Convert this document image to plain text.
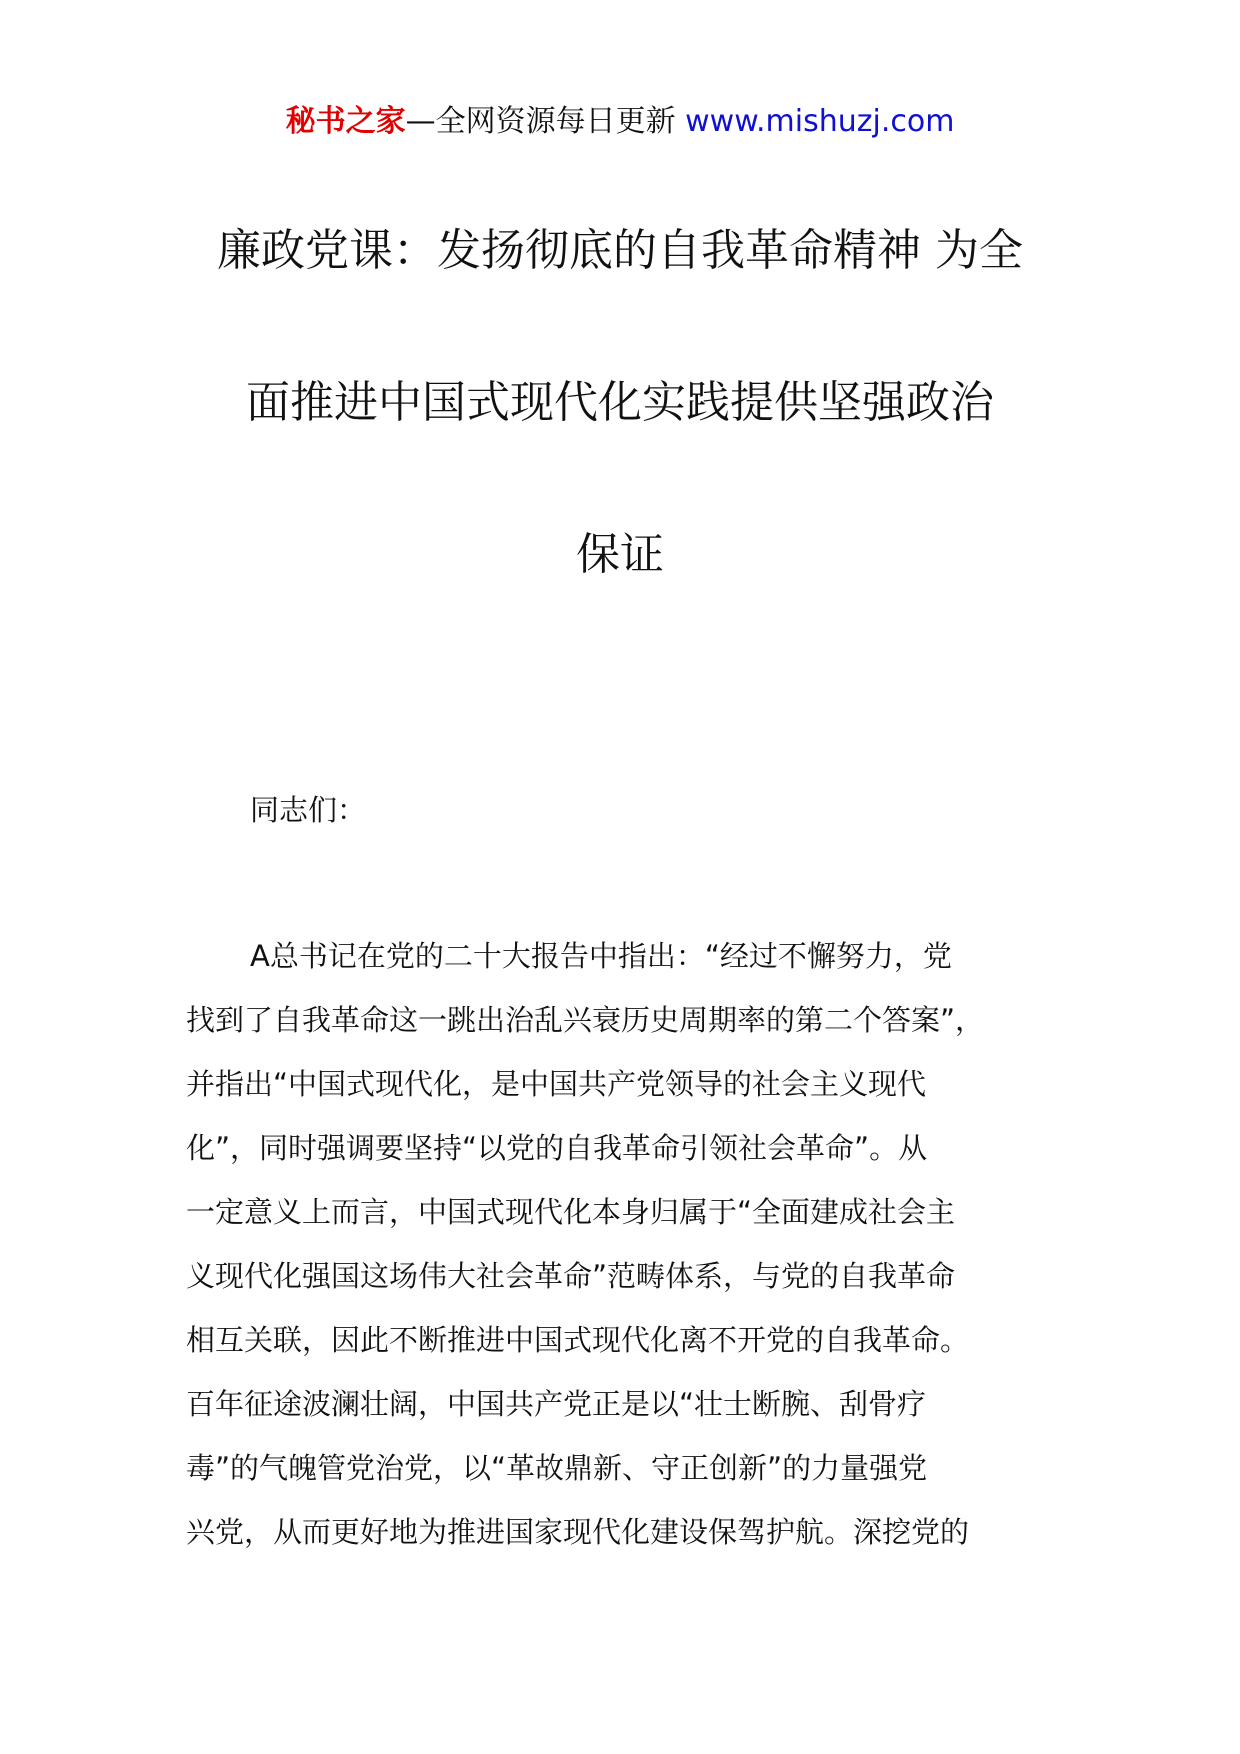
秘书之家—全网资源每日更新 www.mishuzj.com
廉政党课：发扬彻底的自我革命精神 为全
面推进中国式现代化实践提供坚强政治
保证

同志们：

A总书记在党的二十大报告中指出：“经过不懈努力，党
找到了自我革命这一跳出治乱兴衰历史周期率的第二个答案”，
并指出“中国式现代化，是中国共产党领导的社会主义现代
化”，同时强调要坚持“以党的自我革命引领社会革命”。从
一定意义上而言，中国式现代化本身归属于“全面建成社会主
义现代化强国这场伟大社会革命”范畴体系，与党的自我革命
相互关联，因此不断推进中国式现代化离不开党的自我革命。
百年征途波澜壮阔，中国共产党正是以“壮士断腕、刮骨疗
毒”的气魄管党治党，以“革故鼎新、守正创新”的力量强党
兴党，从而更好地为推进国家现代化建设保驾护航。深挖党的
